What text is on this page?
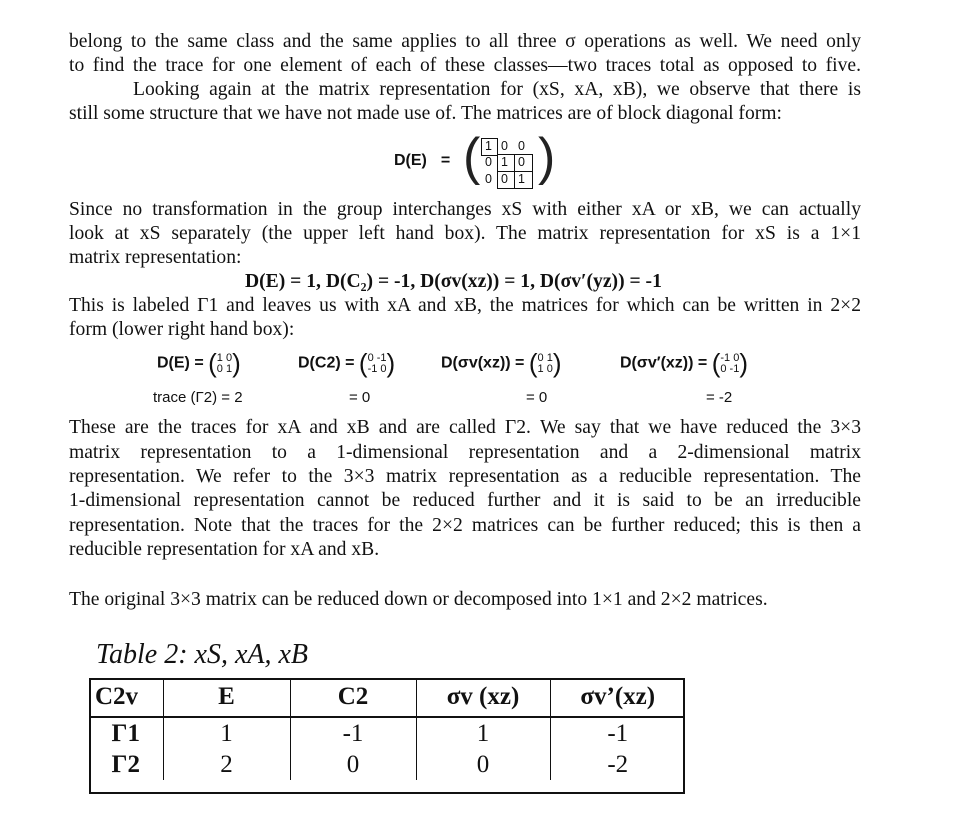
belong to the same class and the same applies to all three σ operations as well. We need only
to find the trace for one element of each of these classes—two traces total as opposed to five.
Looking again at the matrix representation for (xS, xA, xB), we observe that there is
still some structure that we have not made use of. The matrices are of block diagonal form:
D(E) = ( )
1 0 0
0 1 0
0 0 1
Since no transformation in the group interchanges xS with either xA or xB, we can actually
look at xS separately (the upper left hand box). The matrix representation for xS is a 1×1
matrix representation:
D(E) = 1, D(C₂) = -1, D(σv(xz)) = 1, D(σv′(yz)) = -1
This is labeled Γ1 and leaves us with xA and xB, the matrices for which can be written in 2×2
form (lower right hand box):
D(E) = (1 0
0 1)	D(C2) = (0 -1
-1 0)	D(σv(xz)) = (0 1
1 0)	D(σv′(xz)) = (-1 0
0 -1)
trace (Γ2) = 2	= 0	= 0	= -2
These are the traces for xA and xB and are called Γ2. We say that we have reduced the 3×3
matrix representation to a 1-dimensional representation and a 2-dimensional matrix
representation. We refer to the 3×3 matrix representation as a reducible representation. The
1-dimensional representation cannot be reduced further and it is said to be an irreducible
representation. Note that the traces for the 2×2 matrices can be further reduced; this is then a
reducible representation for xA and xB.
The original 3×3 matrix can be reduced down or decomposed into 1×1 and 2×2 matrices.
Table 2: xS, xA, xB
C2v	E	C2	σv (xz)	σv’(xz)
Γ1	1	-1	1	-1
Γ2	2	0	0	-2
